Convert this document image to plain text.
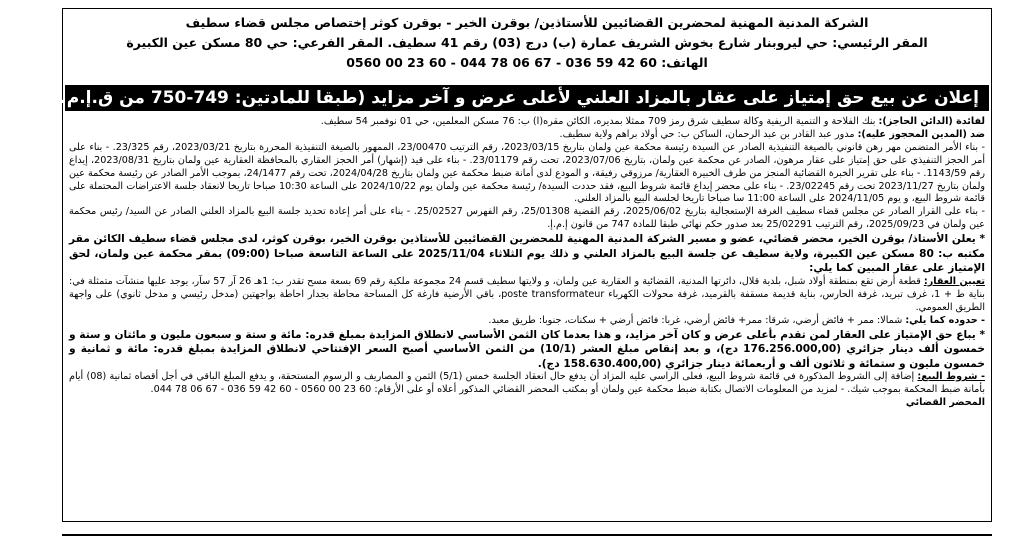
الشركة المدنية المهنية لمحضرين القضائيين للأستاذين/ بوقرن الخير - بوقرن كوثر إختصاص مجلس قضاء سطيف
المقر الرئيسي: حي ليروبنار شارع بخوش الشريف عمارة (ب) درج (03) رقم 41 سطيف. المقر الفرعي: حي 80 مسكن عين الكبيرة
الهاتف: 60 42 59 036 - 67 06 78 044 - 60 23 00 0560
إعلان عن بيع حق إمتياز على عقار بالمزاد العلني لأعلى عرض و آخر مزايد (طبقا للمادتين: 749-750 من ق.إ.م.إ)

لفائدة (الدائن الحاجز): بنك الفلاحة و التنمية الريفية وكالة سطيف شرق رمز 709 ممثلا بمديره، الكائن مقره(ا) ب: 76 مسكن المعلمين، حي 01 نوفمبر 54 سطيف.

ضد (المدين المحجوز عليه): مدور عبد القادر بن عبد الرحمان، الساكن ب: حي أولاد براهم ولاية سطيف.

- بناء الأمر المتضمن مهر رهن قانوني بالصيغة التنفيذية الصادر عن السيدة رئيسة محكمة عين ولمان بتاريخ 2023/03/15، رقم الترتيب 23/00470، الممهور بالصيغة التنفيذية المحررة بتاريخ 2023/03/21، رقم 23/325. - بناء على أمر الحجز التنفيذي على حق إمتياز على عقار مرهون، الصادر عن محكمة عين ولمان، بتاريخ 2023/07/06، تحت رقم 23/01179. - بناء على قيد (إشهار) أمر الحجز العقاري بالمحافظة العقارية عين ولمان بتاريخ 2023/08/31، إيداع رقم 1143/59. - بناء على تقرير الخبرة القضائية المنجز من طرف الخبيرة العقارية/ مرزوقي رفيقة، و المودع لدى أمانة ضبط محكمة عين ولمان بتاريخ 2024/04/28، تحت رقم 24/1477، بموجب الأمر الصادر عن رئيسة محكمة عين ولمان بتاريخ 2023/11/27 تحت رقم 23/02245. - بناء على محضر إيداع قائمة شروط البيع، فقد حددت السيدة/ رئيسة محكمة عين ولمان يوم 2024/10/22 على الساعة 10:30 صباحا تاريخا لانعقاد جلسة الاعتراضات المحتملة على قائمة شروط البيع، و يوم 2024/11/05 على الساعة 11:00 سا صباحا تاريخا لجلسة البيع بالمزاد العلني.

- بناء على القرار الصادر عن مجلس قضاء سطيف الغرفة الإستعجالية بتاريخ 2025/06/02، رقم القضية 25/01308، رقم الفهرس 25/02527. - بناء على أمر إعادة تحديد جلسة البيع بالمزاد العلني الصادر عن السيد/ رئيس محكمة عين ولمان في 2025/09/23، رقم الترتيب 25/02291 بعد صدور حكم نهائي طبقا للمادة 747 من قانون إ.م.إ.

* يعلن الأستاذ/ بوقرن الخير، محضر قضائي، عضو و مسير الشركة المدنية المهنية للمحضرين القضائيين للأستاذين بوقرن الخير، بوقرن كوثر، لدى مجلس قضاء سطيف الكائن مقر مكتبه ب: 80 مسكن عين الكبيرة، ولاية سطيف عن جلسة البيع بالمزاد العلني و ذلك يوم الثلاثاء 2025/11/04 على الساعة التاسعة صباحا (09:00) بمقر محكمة عين ولمان، لحق الإمتياز على عقار المبين كما يلي:

تعيين العقار: قطعة أرض تقع بمنطقة أولاد شبل، بلدية قلال، دائرتها المدنية، القضائية و العقارية عين ولمان، و ولايتها سطيف قسم 24 مجموعة ملكية رقم 69 بسعة مسح تقدر ب: 1هـ 26 آر 57 سآر، يوجد عليها منشآت متمثلة في: بناية ط + 1، غرف تبريد، غرفة الحارس، بناية قديمة مسقفة بالقرميد، غرفة محولات الكهرباء poste transformateur، باقي الأرضية فارغة كل المساحة محاطة بجدار احاطة بواجهتين (مدخل رئيسي و مدخل ثانوي) على واجهة الطريق العمومي.

- حدوده كما يلي: شمالا: ممر + فائض أرضي، شرقا: ممر+ فائض أرضي، غربا: فائض أرضي + سكنات، جنوبا: طريق معبد.

* يباع حق الإمتياز على العقار لمن تقدم بأعلى عرض و كان آخر مزايد، و هذا بعدما كان الثمن الأساسي لانطلاق المزايدة بمبلغ قدره: مائة و ستة و سبعون مليون و مائتان و ستة و خمسون ألف دينار جزائري (176.256.000,00 دج)، و بعد إنقاص مبلغ العشر (10/1) من الثمن الأساسي أصبح السعر الإفتتاحي لانطلاق المزايدة بمبلغ قدره: مائة و ثمانية و خمسون مليون و ستمائة و ثلاثون ألف و أربعمائة دينار جزائري (158.630.400,00 دج).

- شروط البيع: إضافة إلى الشروط المذكورة في قائمة شروط البيع، فعلى الراسي عليه المزاد أن يدفع حال انعقاد الجلسة خمس (5/1) الثمن و المصاريف و الرسوم المستحقة، و يدفع المبلغ الباقي في أجل أقصاه ثمانية (08) أيام بأمانة ضبط المحكمة بموجب شيك. - لمزيد من المعلومات الاتصال بكتابة ضبط محكمة عين ولمان أو بمكتب المحضر القضائي المذكور أعلاه أو على الأرقام: 60 23 00 0560 - 60 42 59 036 - 67 06 78 044.

المحضر القضائي
